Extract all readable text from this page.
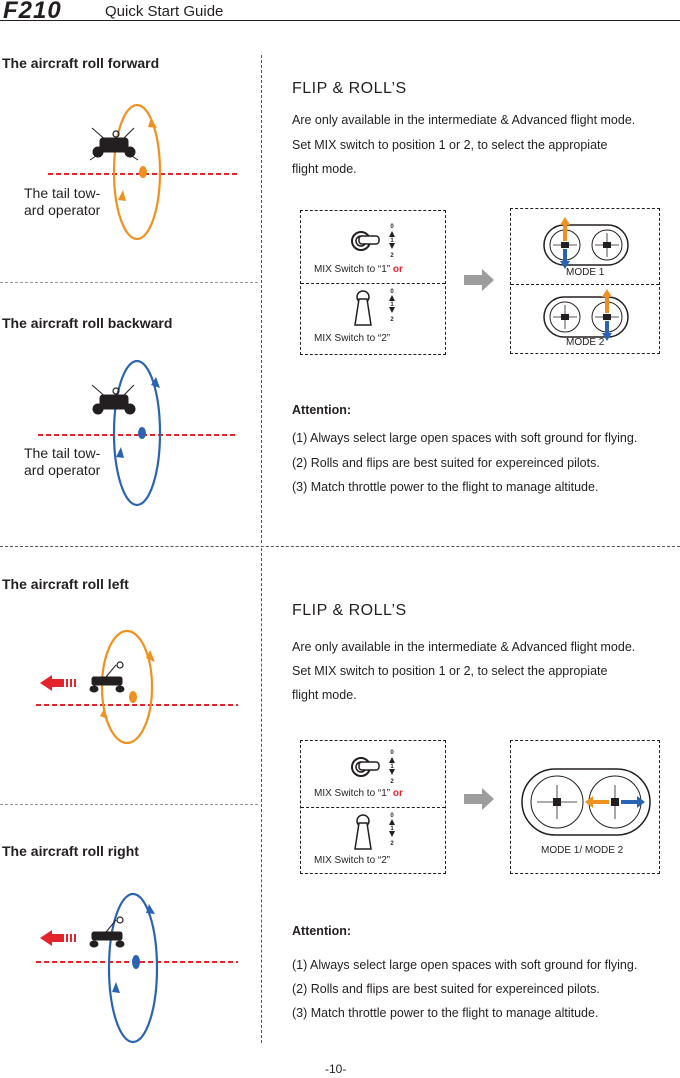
F210	Quick Start Guide
The aircraft roll forward
The tail tow-
ard operator
The aircraft roll backward
The tail tow-
ard operator
The aircraft roll left
The aircraft roll right
FLIP & ROLL’S
Are only available in the intermediate & Advanced flight mode.
Set MIX switch to position 1 or 2, to select the appropiate
flight mode.
0
1
2
MIX Switch to “1” or
0
1
2
MIX Switch to “2”
MODE 1
MODE 2
Attention:
(1) Always select large open spaces with soft ground for flying.
(2) Rolls and flips are best suited for expereinced pilots.
(3) Match throttle power to the flight to manage altitude.
FLIP & ROLL’S
Are only available in the intermediate & Advanced flight mode.
Set MIX switch to position 1 or 2, to select the appropiate
flight mode.
0
1
2
MIX Switch to “1” or
0
1
2
MIX Switch to “2”
MODE 1/ MODE 2
Attention:
(1) Always select large open spaces with soft ground for flying.
(2) Rolls and flips are best suited for expereinced pilots.
(3) Match throttle power to the flight to manage altitude.
-10-
